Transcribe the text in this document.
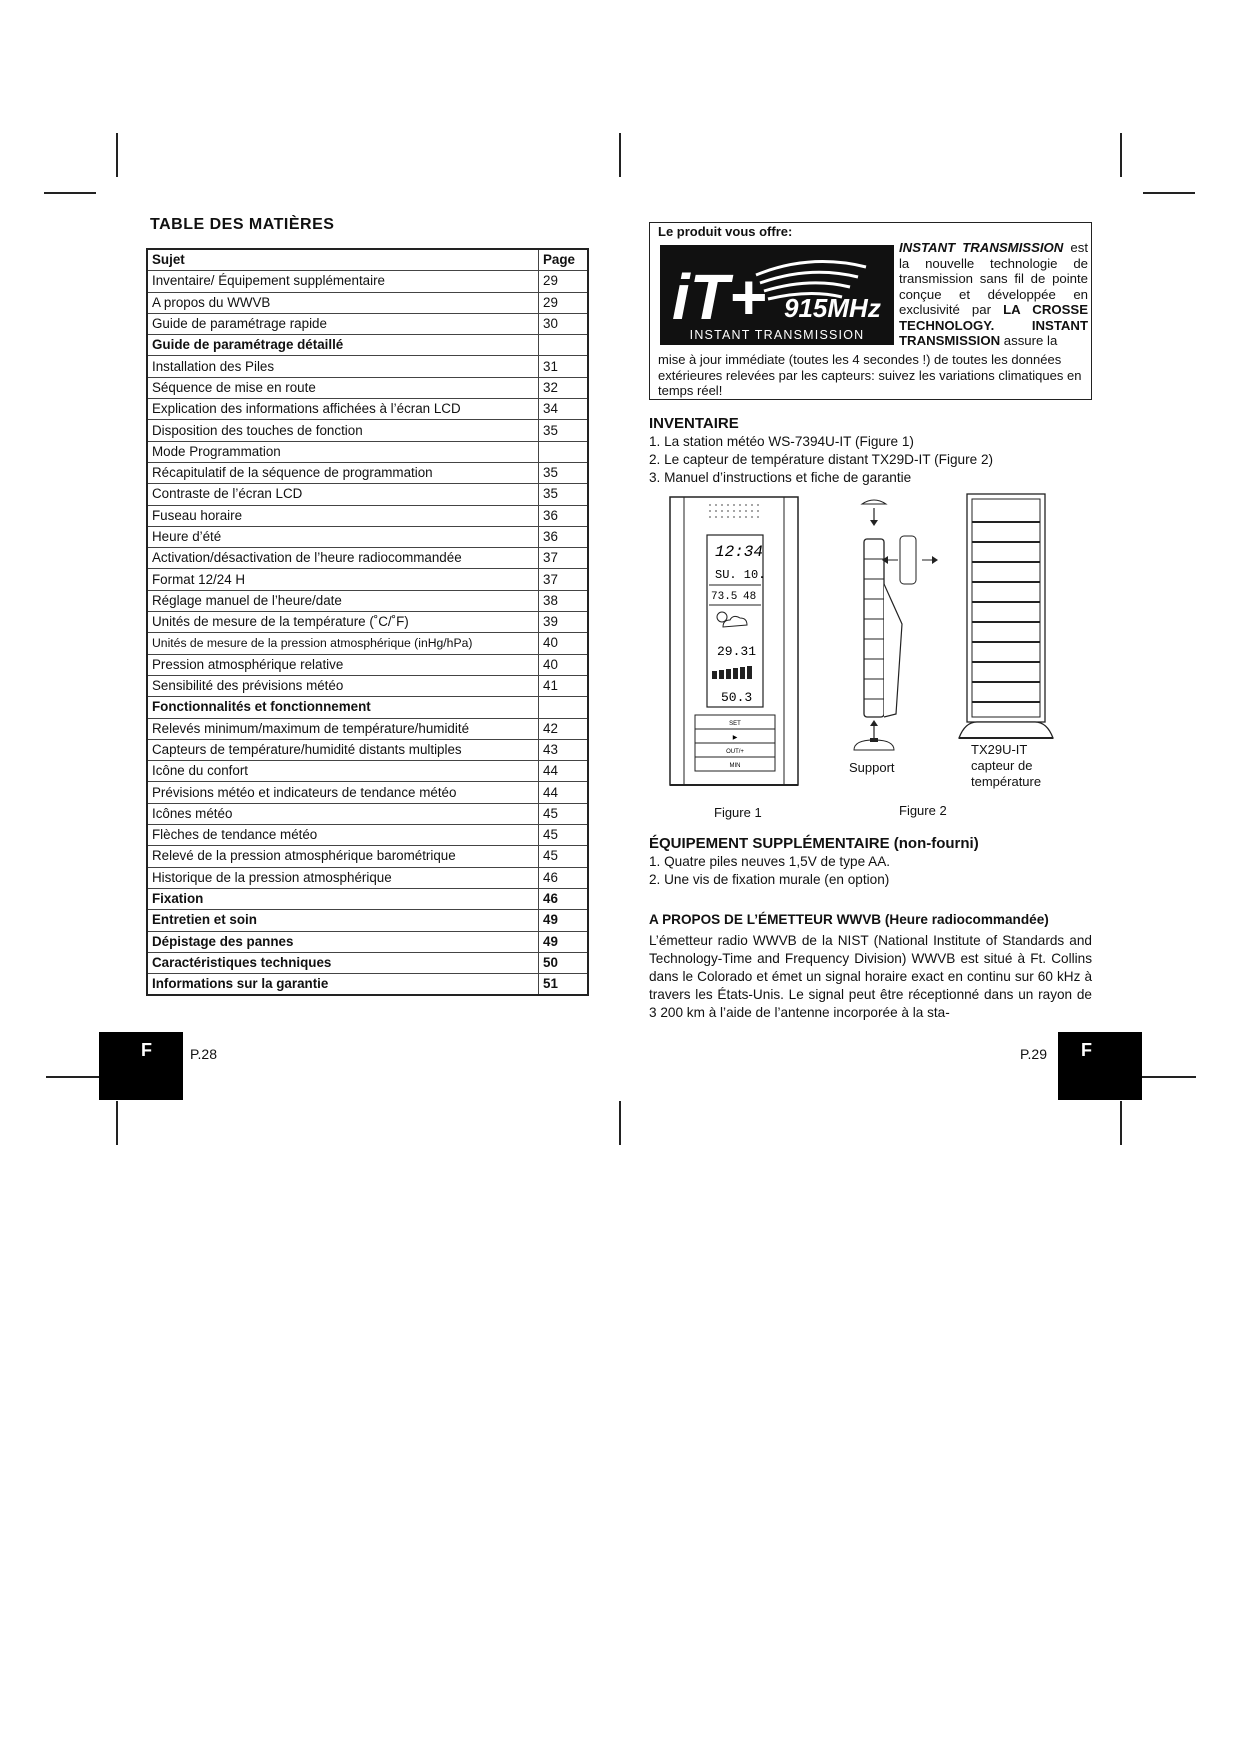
TABLE DES MATIÈRES
Sujet	Page
Inventaire/ Équipement supplémentaire	29
A propos du WWVB	29
Guide de paramétrage rapide	30
Guide de paramétrage détaillé	
Installation des Piles	31
Séquence de mise en route	32
Explication des informations affichées à l’écran LCD	34
Disposition des touches de fonction	35
Mode Programmation	
Récapitulatif de la séquence de programmation	35
Contraste de l’écran LCD	35
Fuseau horaire	36
Heure d’été	36
Activation/désactivation de l’heure radiocommandée	37
Format 12/24 H	37
Réglage manuel de l’heure/date	38
Unités de mesure de la température (˚C/˚F)	39
Unités de mesure de la pression atmosphérique (inHg/hPa)	40
Pression atmosphérique relative	40
Sensibilité des prévisions météo	41
Fonctionnalités et fonctionnement	
Relevés minimum/maximum de température/humidité	42
Capteurs de température/humidité distants multiples	43
Icône du confort	44
Prévisions météo et indicateurs de tendance météo	44
Icônes météo	45
Flèches de tendance météo	45
Relevé de la pression atmosphérique barométrique	45
Historique de la pression atmosphérique	46
Fixation	46
Entretien et soin	49
Dépistage des pannes	49
Caractéristiques techniques	50
Informations sur la garantie	51
F	P.28
Le produit vous offre:
iT+ 915MHz
INSTANT TRANSMISSION
INSTANT TRANSMISSION est la nouvelle technologie de transmission sans fil de pointe conçue et développée en exclusivité par LA CROSSE TECHNOLOGY. INSTANT TRANSMISSION assure la
mise à jour immédiate (toutes les 4 secondes !) de toutes les données extérieures relevées par les capteurs: suivez les variations climatiques en temps réel!
INVENTAIRE
1. La station météo WS-7394U-IT (Figure 1)
2. Le capteur de température distant TX29D-IT (Figure 2)
3. Manuel d’instructions et fiche de garantie
12:34
SU. 10.
73.5 48
29.31
50.3
SET
▶
OUT/+
MIN
Figure 1
Support
TX29U-IT
capteur de
température
Figure 2
ÉQUIPEMENT SUPPLÉMENTAIRE (non-fourni)
1. Quatre piles neuves 1,5V de type AA.
2. Une vis de fixation murale (en option)
A PROPOS DE L’ÉMETTEUR WWVB (Heure radiocommandée)
L’émetteur radio WWVB de la NIST (National Institute of Standards and Technology-Time and Frequency Division) WWVB est situé à Ft. Collins dans le Colorado et émet un signal horaire exact en continu sur 60 kHz à travers les États-Unis. Le signal peut être réceptionné dans un rayon de 3 200 km à l’aide de l’antenne incorporée à la sta-
F
P.29
